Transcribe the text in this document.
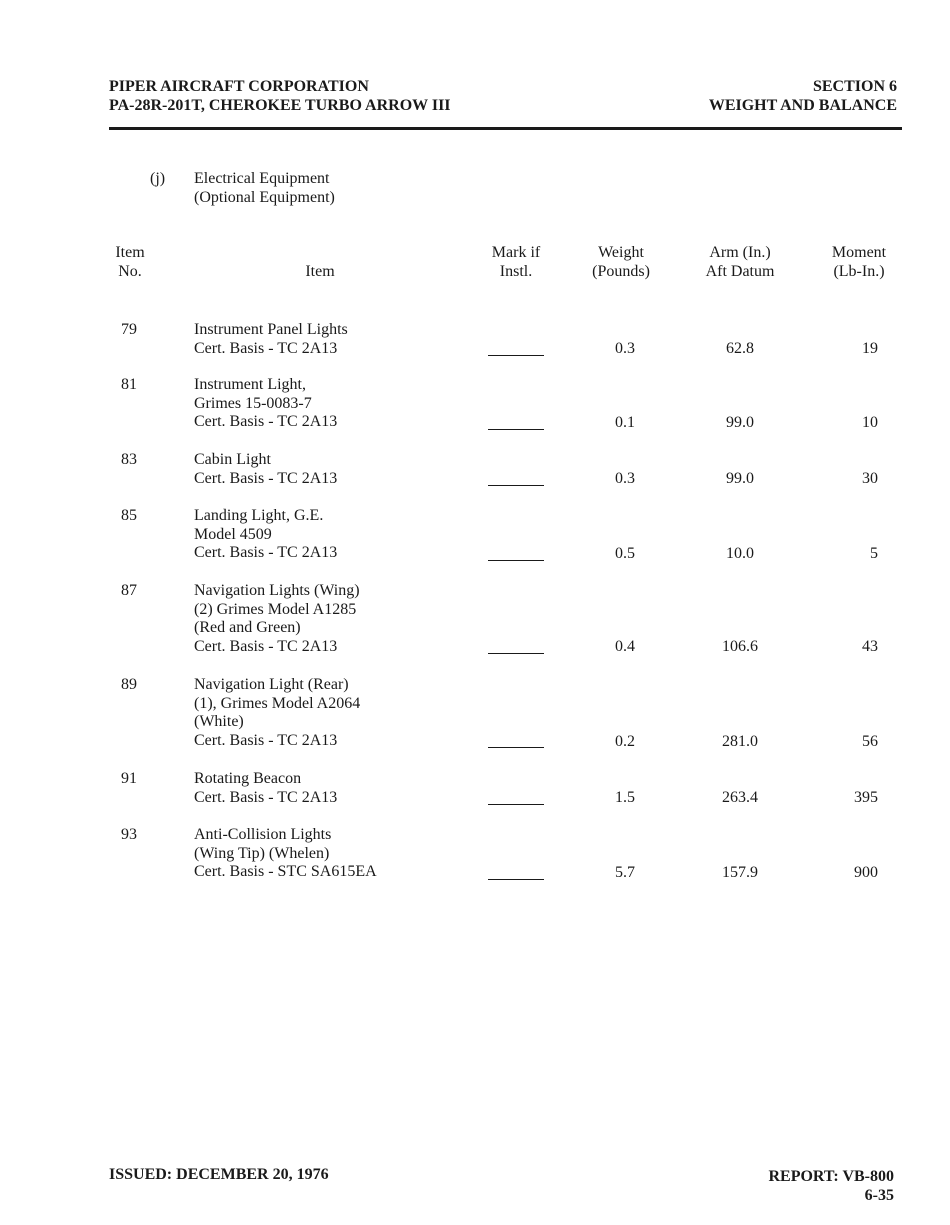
PIPER AIRCRAFT CORPORATION
PA-28R-201T, CHEROKEE TURBO ARROW III
SECTION 6
WEIGHT AND BALANCE
(j) Electrical Equipment
(Optional Equipment)
Item
No.	Item
Mark if
Instl.
Weight
(Pounds)
Arm (In.)
Aft Datum
Moment
(Lb-In.)
79	Instrument Panel Lights
Cert. Basis - TC 2A13	0.3	62.8	19
81	Instrument Light,
Grimes 15-0083-7
Cert. Basis - TC 2A13	0.1	99.0	10
83	Cabin Light
Cert. Basis - TC 2A13	0.3	99.0	30
85	Landing Light, G.E.
Model 4509
Cert. Basis - TC 2A13	0.5	10.0	5
87	Navigation Lights (Wing)
(2) Grimes Model A1285
(Red and Green)
Cert. Basis - TC 2A13	0.4	106.6	43
89	Navigation Light (Rear)
(1), Grimes Model A2064
(White)
Cert. Basis - TC 2A13	0.2	281.0	56
91	Rotating Beacon
Cert. Basis - TC 2A13	1.5	263.4	395
93	Anti-Collision Lights
(Wing Tip) (Whelen)
Cert. Basis - STC SA615EA	5.7	157.9	900
ISSUED: DECEMBER 20, 1976	REPORT: VB-800
6-35
